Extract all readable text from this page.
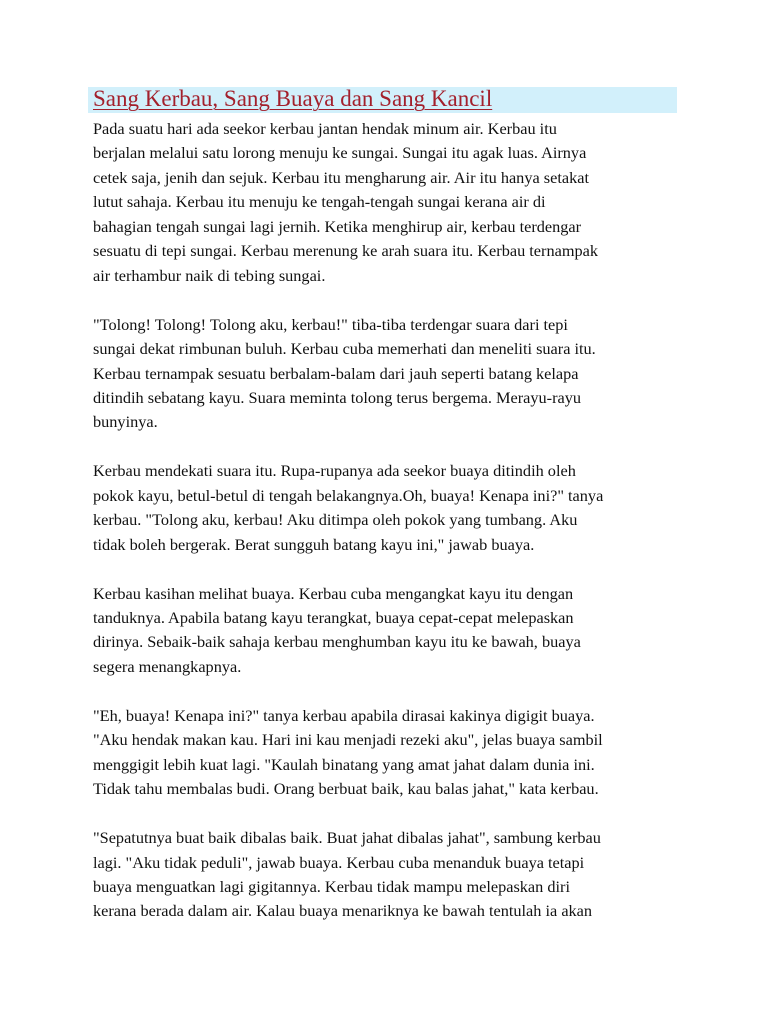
Sang Kerbau, Sang Buaya dan Sang Kancil
Pada suatu hari ada seekor kerbau jantan hendak minum air. Kerbau itu
berjalan melalui satu lorong menuju ke sungai. Sungai itu agak luas. Airnya
cetek saja, jenih dan sejuk. Kerbau itu mengharung air. Air itu hanya setakat
lutut sahaja. Kerbau itu menuju ke tengah-tengah sungai kerana air di
bahagian tengah sungai lagi jernih. Ketika menghirup air, kerbau terdengar
sesuatu di tepi sungai. Kerbau merenung ke arah suara itu. Kerbau ternampak
air terhambur naik di tebing sungai.
"Tolong! Tolong! Tolong aku, kerbau!" tiba-tiba terdengar suara dari tepi
sungai dekat rimbunan buluh. Kerbau cuba memerhati dan meneliti suara itu.
Kerbau ternampak sesuatu berbalam-balam dari jauh seperti batang kelapa
ditindih sebatang kayu. Suara meminta tolong terus bergema. Merayu-rayu
bunyinya.
Kerbau mendekati suara itu. Rupa-rupanya ada seekor buaya ditindih oleh
pokok kayu, betul-betul di tengah belakangnya.Oh, buaya! Kenapa ini?" tanya
kerbau. "Tolong aku, kerbau! Aku ditimpa oleh pokok yang tumbang. Aku
tidak boleh bergerak. Berat sungguh batang kayu ini," jawab buaya.
Kerbau kasihan melihat buaya. Kerbau cuba mengangkat kayu itu dengan
tanduknya. Apabila batang kayu terangkat, buaya cepat-cepat melepaskan
dirinya. Sebaik-baik sahaja kerbau menghumban kayu itu ke bawah, buaya
segera menangkapnya.
"Eh, buaya! Kenapa ini?" tanya kerbau apabila dirasai kakinya digigit buaya.
"Aku hendak makan kau. Hari ini kau menjadi rezeki aku", jelas buaya sambil
menggigit lebih kuat lagi. "Kaulah binatang yang amat jahat dalam dunia ini.
Tidak tahu membalas budi. Orang berbuat baik, kau balas jahat," kata kerbau.
"Sepatutnya buat baik dibalas baik. Buat jahat dibalas jahat", sambung kerbau
lagi. "Aku tidak peduli", jawab buaya. Kerbau cuba menanduk buaya tetapi
buaya menguatkan lagi gigitannya. Kerbau tidak mampu melepaskan diri
kerana berada dalam air. Kalau buaya menariknya ke bawah tentulah ia akan
